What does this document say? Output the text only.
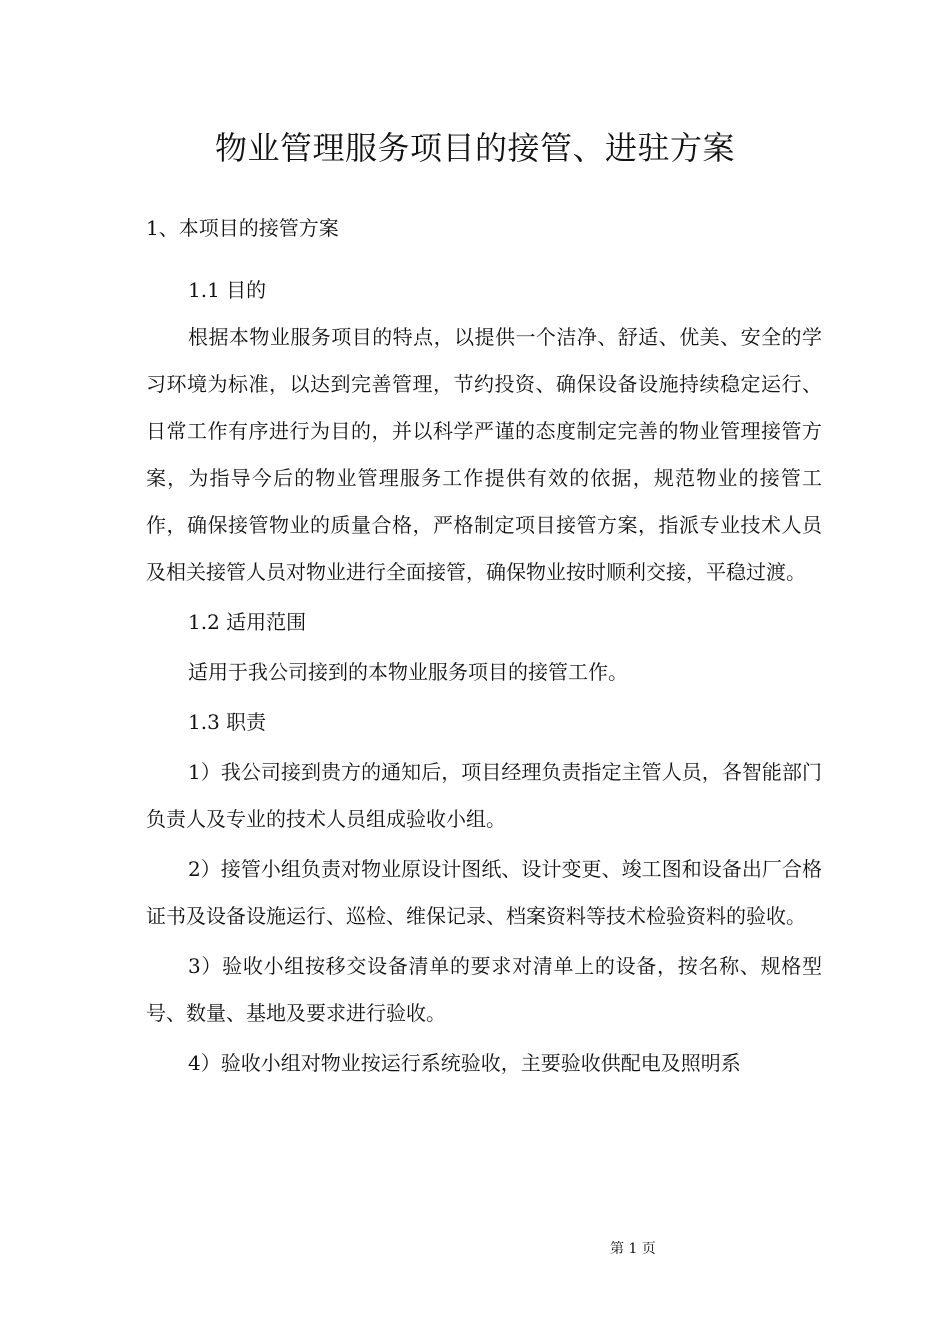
物业管理服务项目的接管、进驻方案

1、本项目的接管方案

1.1 目的

根据本物业服务项目的特点，以提供一个洁净、舒适、优美、安全的学习环境为标准，以达到完善管理，节约投资、确保设备设施持续稳定运行、日常工作有序进行为目的，并以科学严谨的态度制定完善的物业管理接管方案，为指导今后的物业管理服务工作提供有效的依据，规范物业的接管工作，确保接管物业的质量合格，严格制定项目接管方案，指派专业技术人员及相关接管人员对物业进行全面接管，确保物业按时顺利交接，平稳过渡。

1.2 适用范围

适用于我公司接到的本物业服务项目的接管工作。

1.3 职责

1）我公司接到贵方的通知后，项目经理负责指定主管人员，各智能部门负责人及专业的技术人员组成验收小组。

2）接管小组负责对物业原设计图纸、设计变更、竣工图和设备出厂合格证书及设备设施运行、巡检、维保记录、档案资料等技术检验资料的验收。

3）验收小组按移交设备清单的要求对清单上的设备，按名称、规格型号、数量、基地及要求进行验收。

4）验收小组对物业按运行系统验收，主要验收供配电及照明系

第 1 页
